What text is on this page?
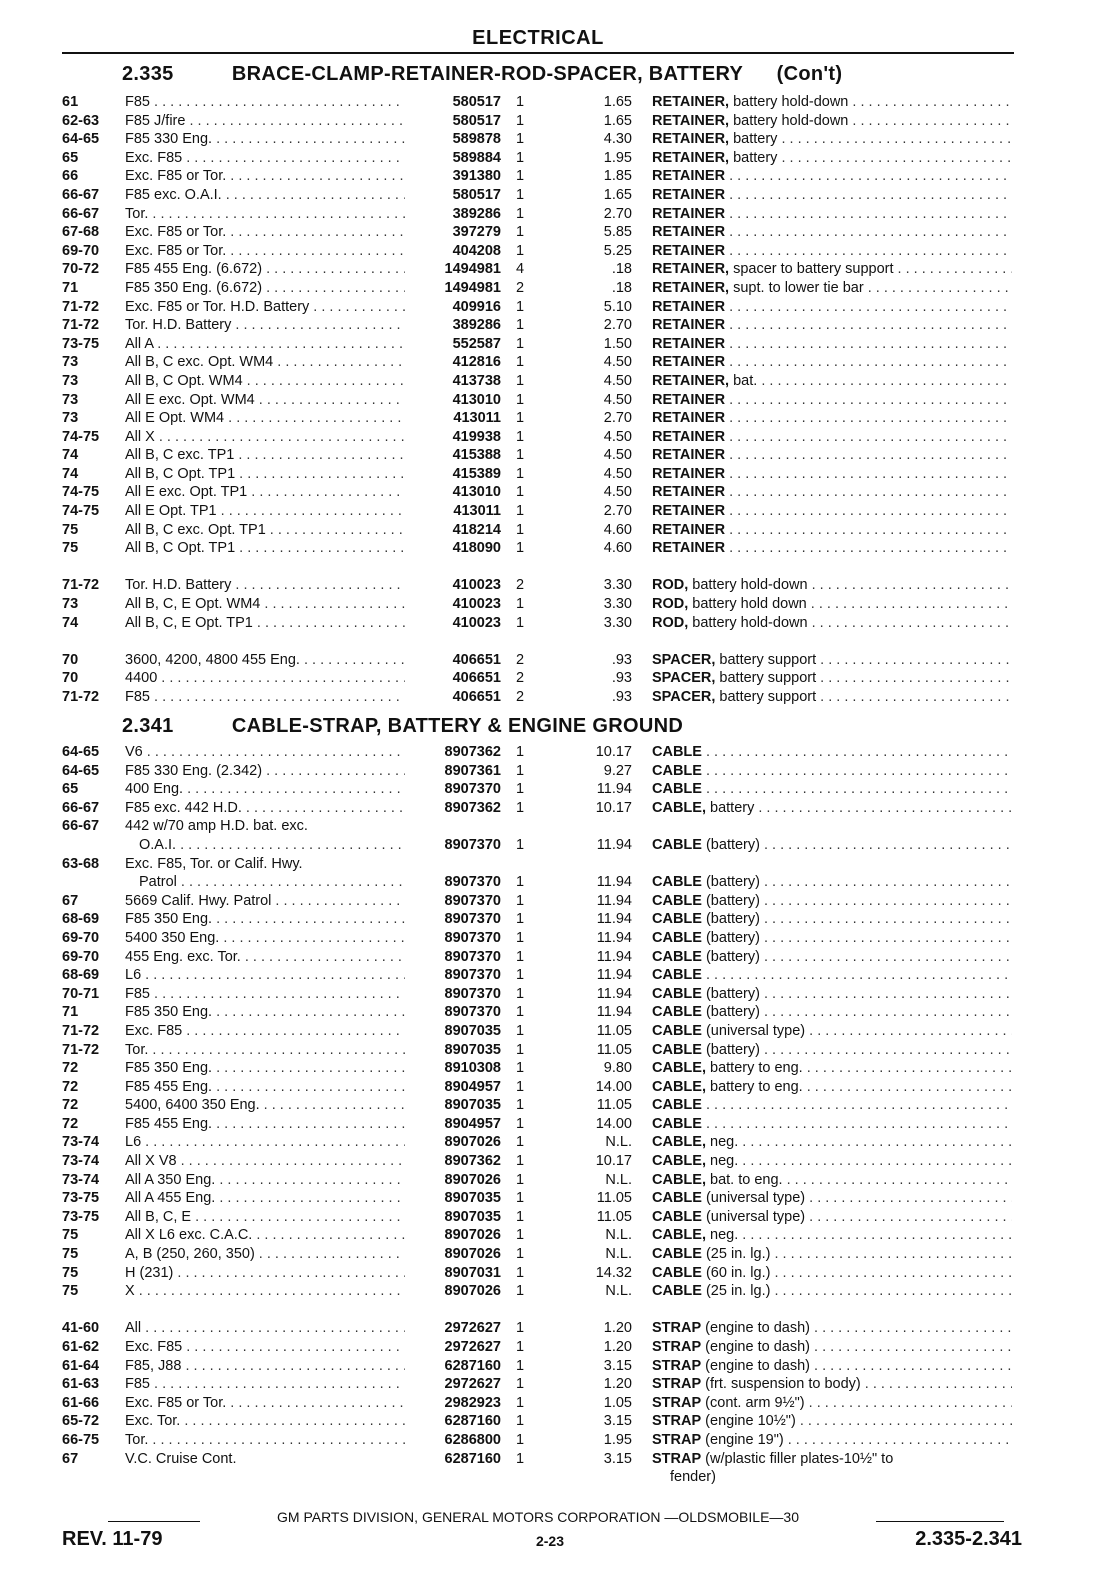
ELECTRICAL
2.335	BRACE-CLAMP-RETAINER-ROD-SPACER, BATTERY (Con't)
61	F85 . . .	580517 1	1.65 RETAINER, battery hold-down . . .
62-63	F85 J/fire . . .	580517 1	1.65 RETAINER, battery hold-down . . .
64-65	F85 330 Eng. . . .	589878 1	4.30 RETAINER, battery . . .
65	Exc. F85 . . .	589884 1	1.95 RETAINER, battery . . .
66	Exc. F85 or Tor. . . .	391380 1	1.85 RETAINER . . .
66-67	F85 exc. O.A.I. . . .	580517 1	1.65 RETAINER . . .
66-67	Tor. . . .	389286 1	2.70 RETAINER . . .
67-68	Exc. F85 or Tor. . . .	397279 1	5.85 RETAINER . . .
69-70	Exc. F85 or Tor. . . .	404208 1	5.25 RETAINER . . .
70-72	F85 455 Eng. (6.672) . . .	1494981 4	.18 RETAINER, spacer to battery support . . .
71	F85 350 Eng. (6.672) . . .	1494981 2	.18 RETAINER, supt. to lower tie bar . . .
71-72	Exc. F85 or Tor. H.D. Battery . . .	409916 1	5.10 RETAINER . . .
71-72	Tor. H.D. Battery . . .	389286 1	2.70 RETAINER . . .
73-75	All A . . .	552587 1	1.50 RETAINER . . .
73	All B, C exc. Opt. WM4 . . .	412816 1	4.50 RETAINER . . .
73	All B, C Opt. WM4 . . .	413738 1	4.50 RETAINER, bat. . . .
73	All E exc. Opt. WM4 . . .	413010 1	4.50 RETAINER . . .
73	All E Opt. WM4 . . .	413011 1	2.70 RETAINER . . .
74-75	All X . . .	419938 1	4.50 RETAINER . . .
74	All B, C exc. TP1 . . .	415388 1	4.50 RETAINER . . .
74	All B, C Opt. TP1 . . .	415389 1	4.50 RETAINER . . .
74-75	All E exc. Opt. TP1 . . .	413010 1	4.50 RETAINER . . .
74-75	All E Opt. TP1 . . .	413011 1	2.70 RETAINER . . .
75	All B, C exc. Opt. TP1 . . .	418214 1	4.60 RETAINER . . .
75	All B, C Opt. TP1 . . .	418090 1	4.60 RETAINER . . .
71-72	Tor. H.D. Battery . . .	410023 2	3.30 ROD, battery hold-down . . .
73	All B, C, E Opt. WM4 . . .	410023 1	3.30 ROD, battery hold down . . .
74	All B, C, E Opt. TP1 . . .	410023 1	3.30 ROD, battery hold-down . . .
70	3600, 4200, 4800 455 Eng. . . .	406651 2	.93 SPACER, battery support . . .
70	4400 . . .	406651 2	.93 SPACER, battery support . . .
71-72	F85 . . .	406651 2	.93 SPACER, battery support . . .
2.341	CABLE-STRAP, BATTERY & ENGINE GROUND
64-65	V6 . . .	8907362 1	10.17 CABLE . . .
64-65	F85 330 Eng. (2.342) . . .	8907361 1	9.27 CABLE . . .
65	400 Eng. . . .	8907370 1	11.94 CABLE . . .
66-67	F85 exc. 442 H.D. . . .	8907362 1	10.17 CABLE, battery . . .
66-67	442 w/70 amp H.D. bat. exc.
O.A.I. . . .	8907370 1	11.94 CABLE (battery) . . .
63-68	Exc. F85, Tor. or Calif. Hwy.
Patrol . . .	8907370 1	11.94 CABLE (battery) . . .
67	5669 Calif. Hwy. Patrol . . .	8907370 1	11.94 CABLE (battery) . . .
68-69	F85 350 Eng. . . .	8907370 1	11.94 CABLE (battery) . . .
69-70	5400 350 Eng. . . .	8907370 1	11.94 CABLE (battery) . . .
69-70	455 Eng. exc. Tor. . . .	8907370 1	11.94 CABLE (battery) . . .
68-69	L6 . . .	8907370 1	11.94 CABLE . . .
70-71	F85 . . .	8907370 1	11.94 CABLE (battery) . . .
71	F85 350 Eng. . . .	8907370 1	11.94 CABLE (battery) . . .
71-72	Exc. F85 . . .	8907035 1	11.05 CABLE (universal type) . . .
71-72	Tor. . . .	8907035 1	11.05 CABLE (battery) . . .
72	F85 350 Eng. . . .	8910308 1	9.80 CABLE, battery to eng. . . .
72	F85 455 Eng. . . .	8904957 1	14.00 CABLE, battery to eng. . . .
72	5400, 6400 350 Eng. . . .	8907035 1	11.05 CABLE . . .
72	F85 455 Eng. . . .	8904957 1	14.00 CABLE . . .
73-74	L6 . . .	8907026 1	N.L. CABLE, neg. . . .
73-74	All X V8 . . .	8907362 1	10.17 CABLE, neg. . . .
73-74	All A 350 Eng. . . .	8907026 1	N.L. CABLE, bat. to eng. . . .
73-75	All A 455 Eng. . . .	8907035 1	11.05 CABLE (universal type) . . .
73-75	All B, C, E . . .	8907035 1	11.05 CABLE (universal type) . . .
75	All X L6 exc. C.A.C. . . .	8907026 1	N.L. CABLE, neg. . . .
75	A, B (250, 260, 350) . . .	8907026 1	N.L. CABLE (25 in. lg.) . . .
75	H (231) . . .	8907031 1	14.32 CABLE (60 in. lg.) . . .
75	X . . .	8907026 1	N.L. CABLE (25 in. lg.) . . .
41-60	All . . .	2972627 1	1.20 STRAP (engine to dash) . . .
61-62	Exc. F85 . . .	2972627 1	1.20 STRAP (engine to dash) . . .
61-64	F85, J88 . . .	6287160 1	3.15 STRAP (engine to dash) . . .
61-63	F85 . . .	2972627 1	1.20 STRAP (frt. suspension to body) . . .
61-66	Exc. F85 or Tor. . . .	2982923 1	1.05 STRAP (cont. arm 9½") . . .
65-72	Exc. Tor. . . .	6287160 1	3.15 STRAP (engine 10½") . . .
66-75	Tor. . . .	6286800 1	1.95 STRAP (engine 19") . . .
67	V.C. Cruise Cont.	6287160 1	3.15 STRAP (w/plastic filler plates-10½" to
fender)
GM PARTS DIVISION, GENERAL MOTORS CORPORATION —OLDSMOBILE—30
REV. 11-79	2-23	2.335-2.341
